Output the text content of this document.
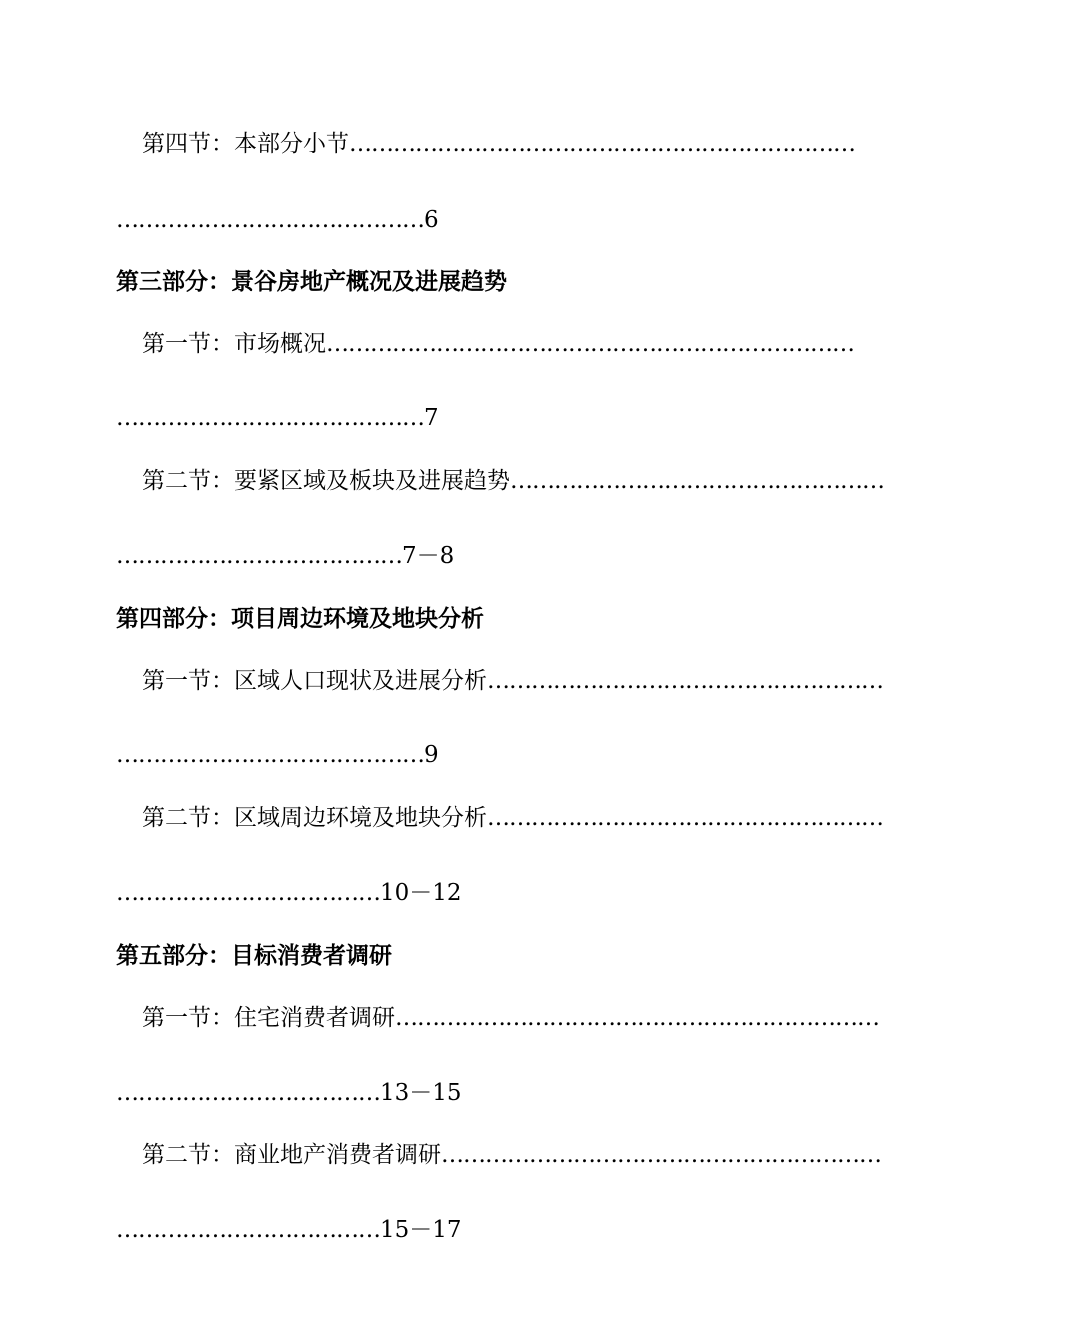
第四节：本部分小节……………………………………………………………
……………………………………6
第三部分：景谷房地产概况及进展趋势
第一节：市场概况………………………………………………………………
……………………………………7
第二节：要紧区域及板块及进展趋势……………………………………………
…………………………………7－8
第四部分：项目周边环境及地块分析
第一节：区域人口现状及进展分析………………………………………………
……………………………………9
第二节：区域周边环境及地块分析………………………………………………
………………………………10－12
第五部分：目标消费者调研
第一节：住宅消费者调研…………………………………………………………
………………………………13－15
第二节：商业地产消费者调研……………………………………………………
………………………………15－17
